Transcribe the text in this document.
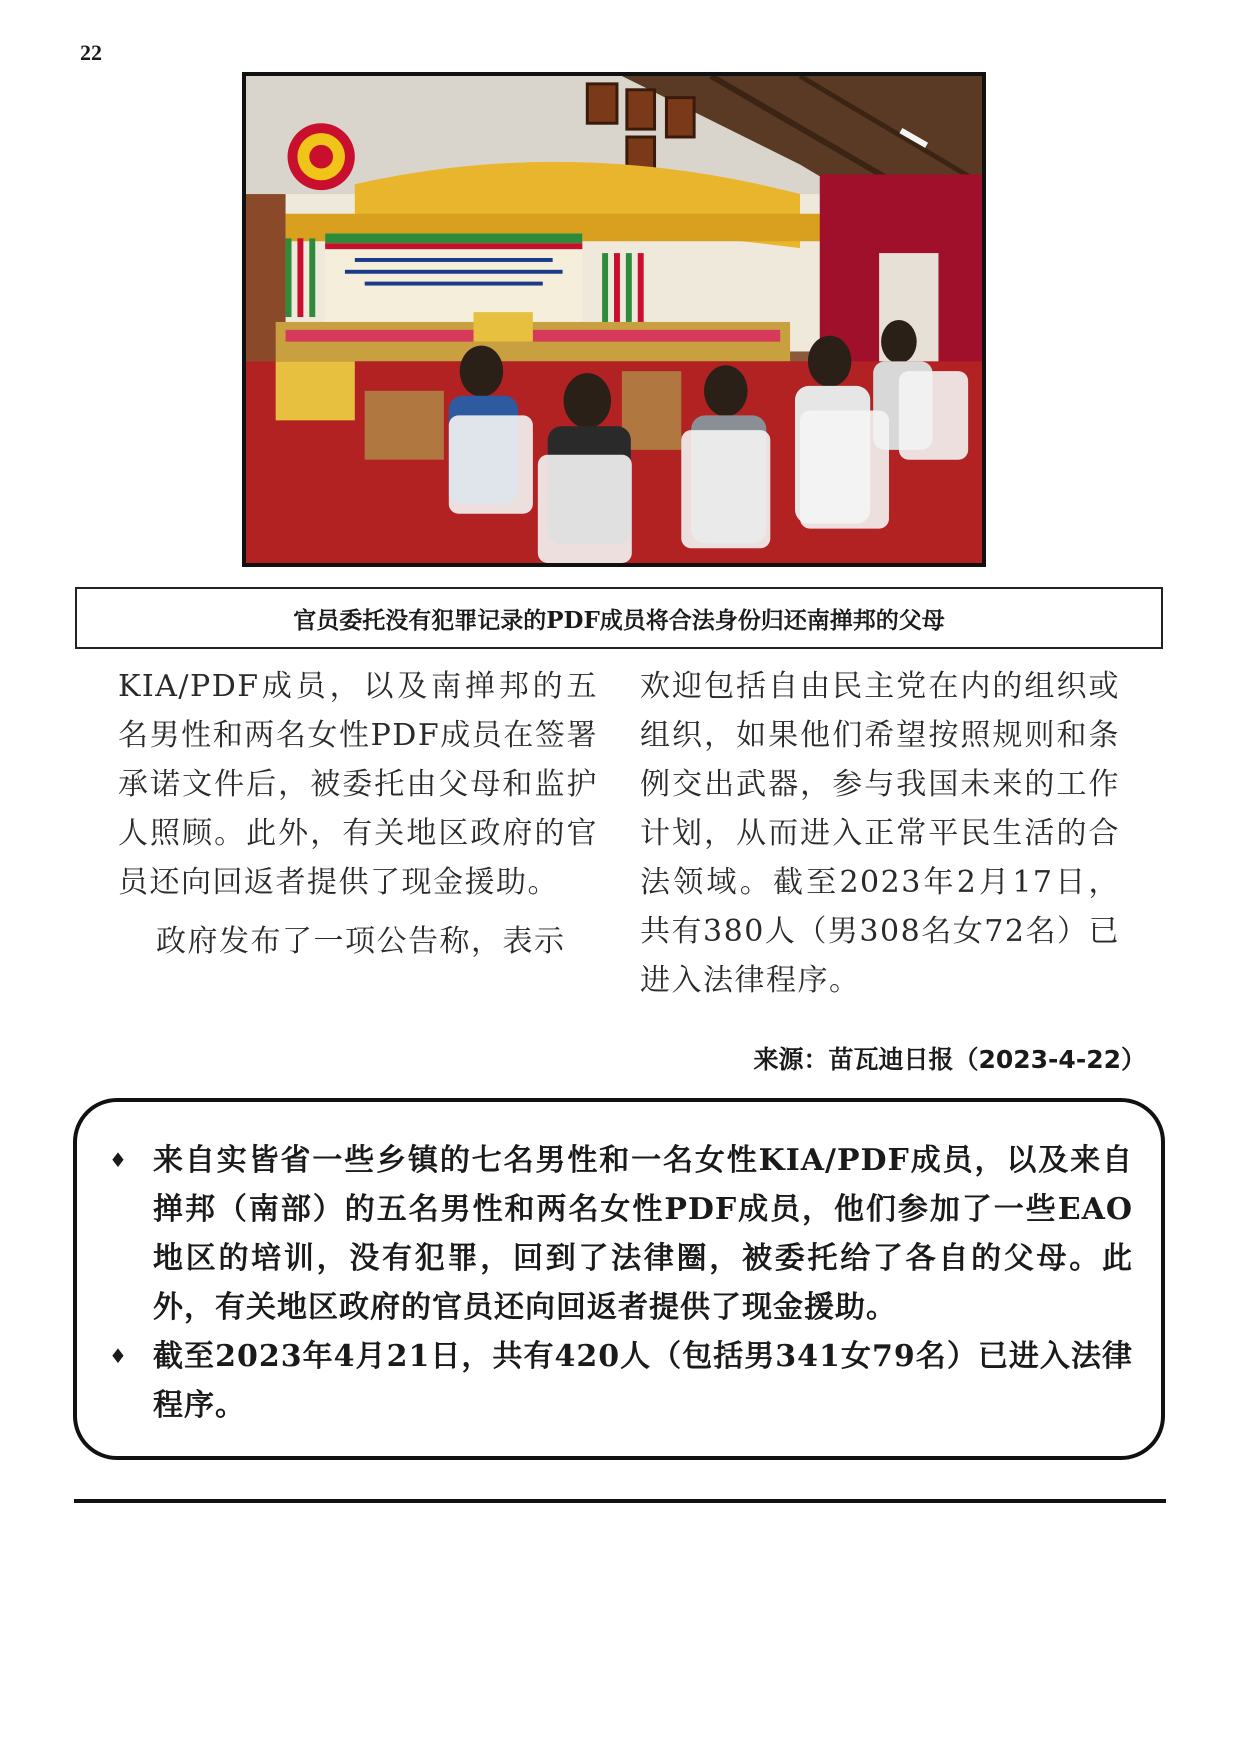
22
官员委托没有犯罪记录的PDF成员将合法身份归还南掸邦的父母

KIA/PDF成员，以及南掸邦的五名男性和两名女性PDF成员在签署承诺文件后，被委托由父母和监护人照顾。此外，有关地区政府的官员还向回返者提供了现金援助。

政府发布了一项公告称，表示

欢迎包括自由民主党在内的组织或组织，如果他们希望按照规则和条例交出武器，参与我国未来的工作计划，从而进入正常平民生活的合法领域。截至2023年2月17日，共有380人（男308名女72名）已进入法律程序。

来源：苗瓦迪日报（2023-4-22）
♦ 来自实皆省一些乡镇的七名男性和一名女性KIA/PDF成员，以及来自掸邦（南部）的五名男性和两名女性PDF成员，他们参加了一些EAO地区的培训，没有犯罪，回到了法律圈，被委托给了各自的父母。此外，有关地区政府的官员还向回返者提供了现金援助。
♦ 截至2023年4月21日，共有420人（包括男341女79名）已进入法律程序。
